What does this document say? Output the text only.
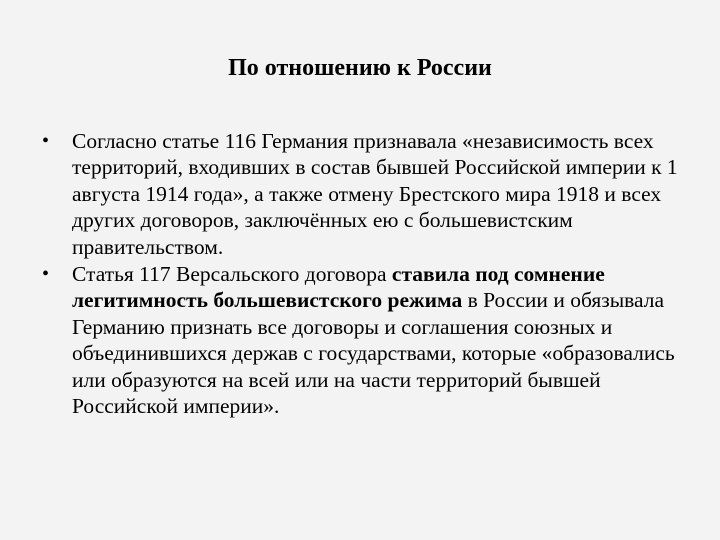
По отношению к России
•	Согласно статье 116 Германия признавала «независимость всех территорий, входивших в состав бывшей Российской империи к 1 августа 1914 года», а также отмену Брестского мира 1918 и всех других договоров, заключённых ею с большевистским правительством.
•	Статья 117 Версальского договора ставила под сомнение легитимность большевистского режима в России и обязывала Германию признать все договоры и соглашения союзных и объединившихся держав с государствами, которые «образовались или образуются на всей или на части территорий бывшей Российской империи».
